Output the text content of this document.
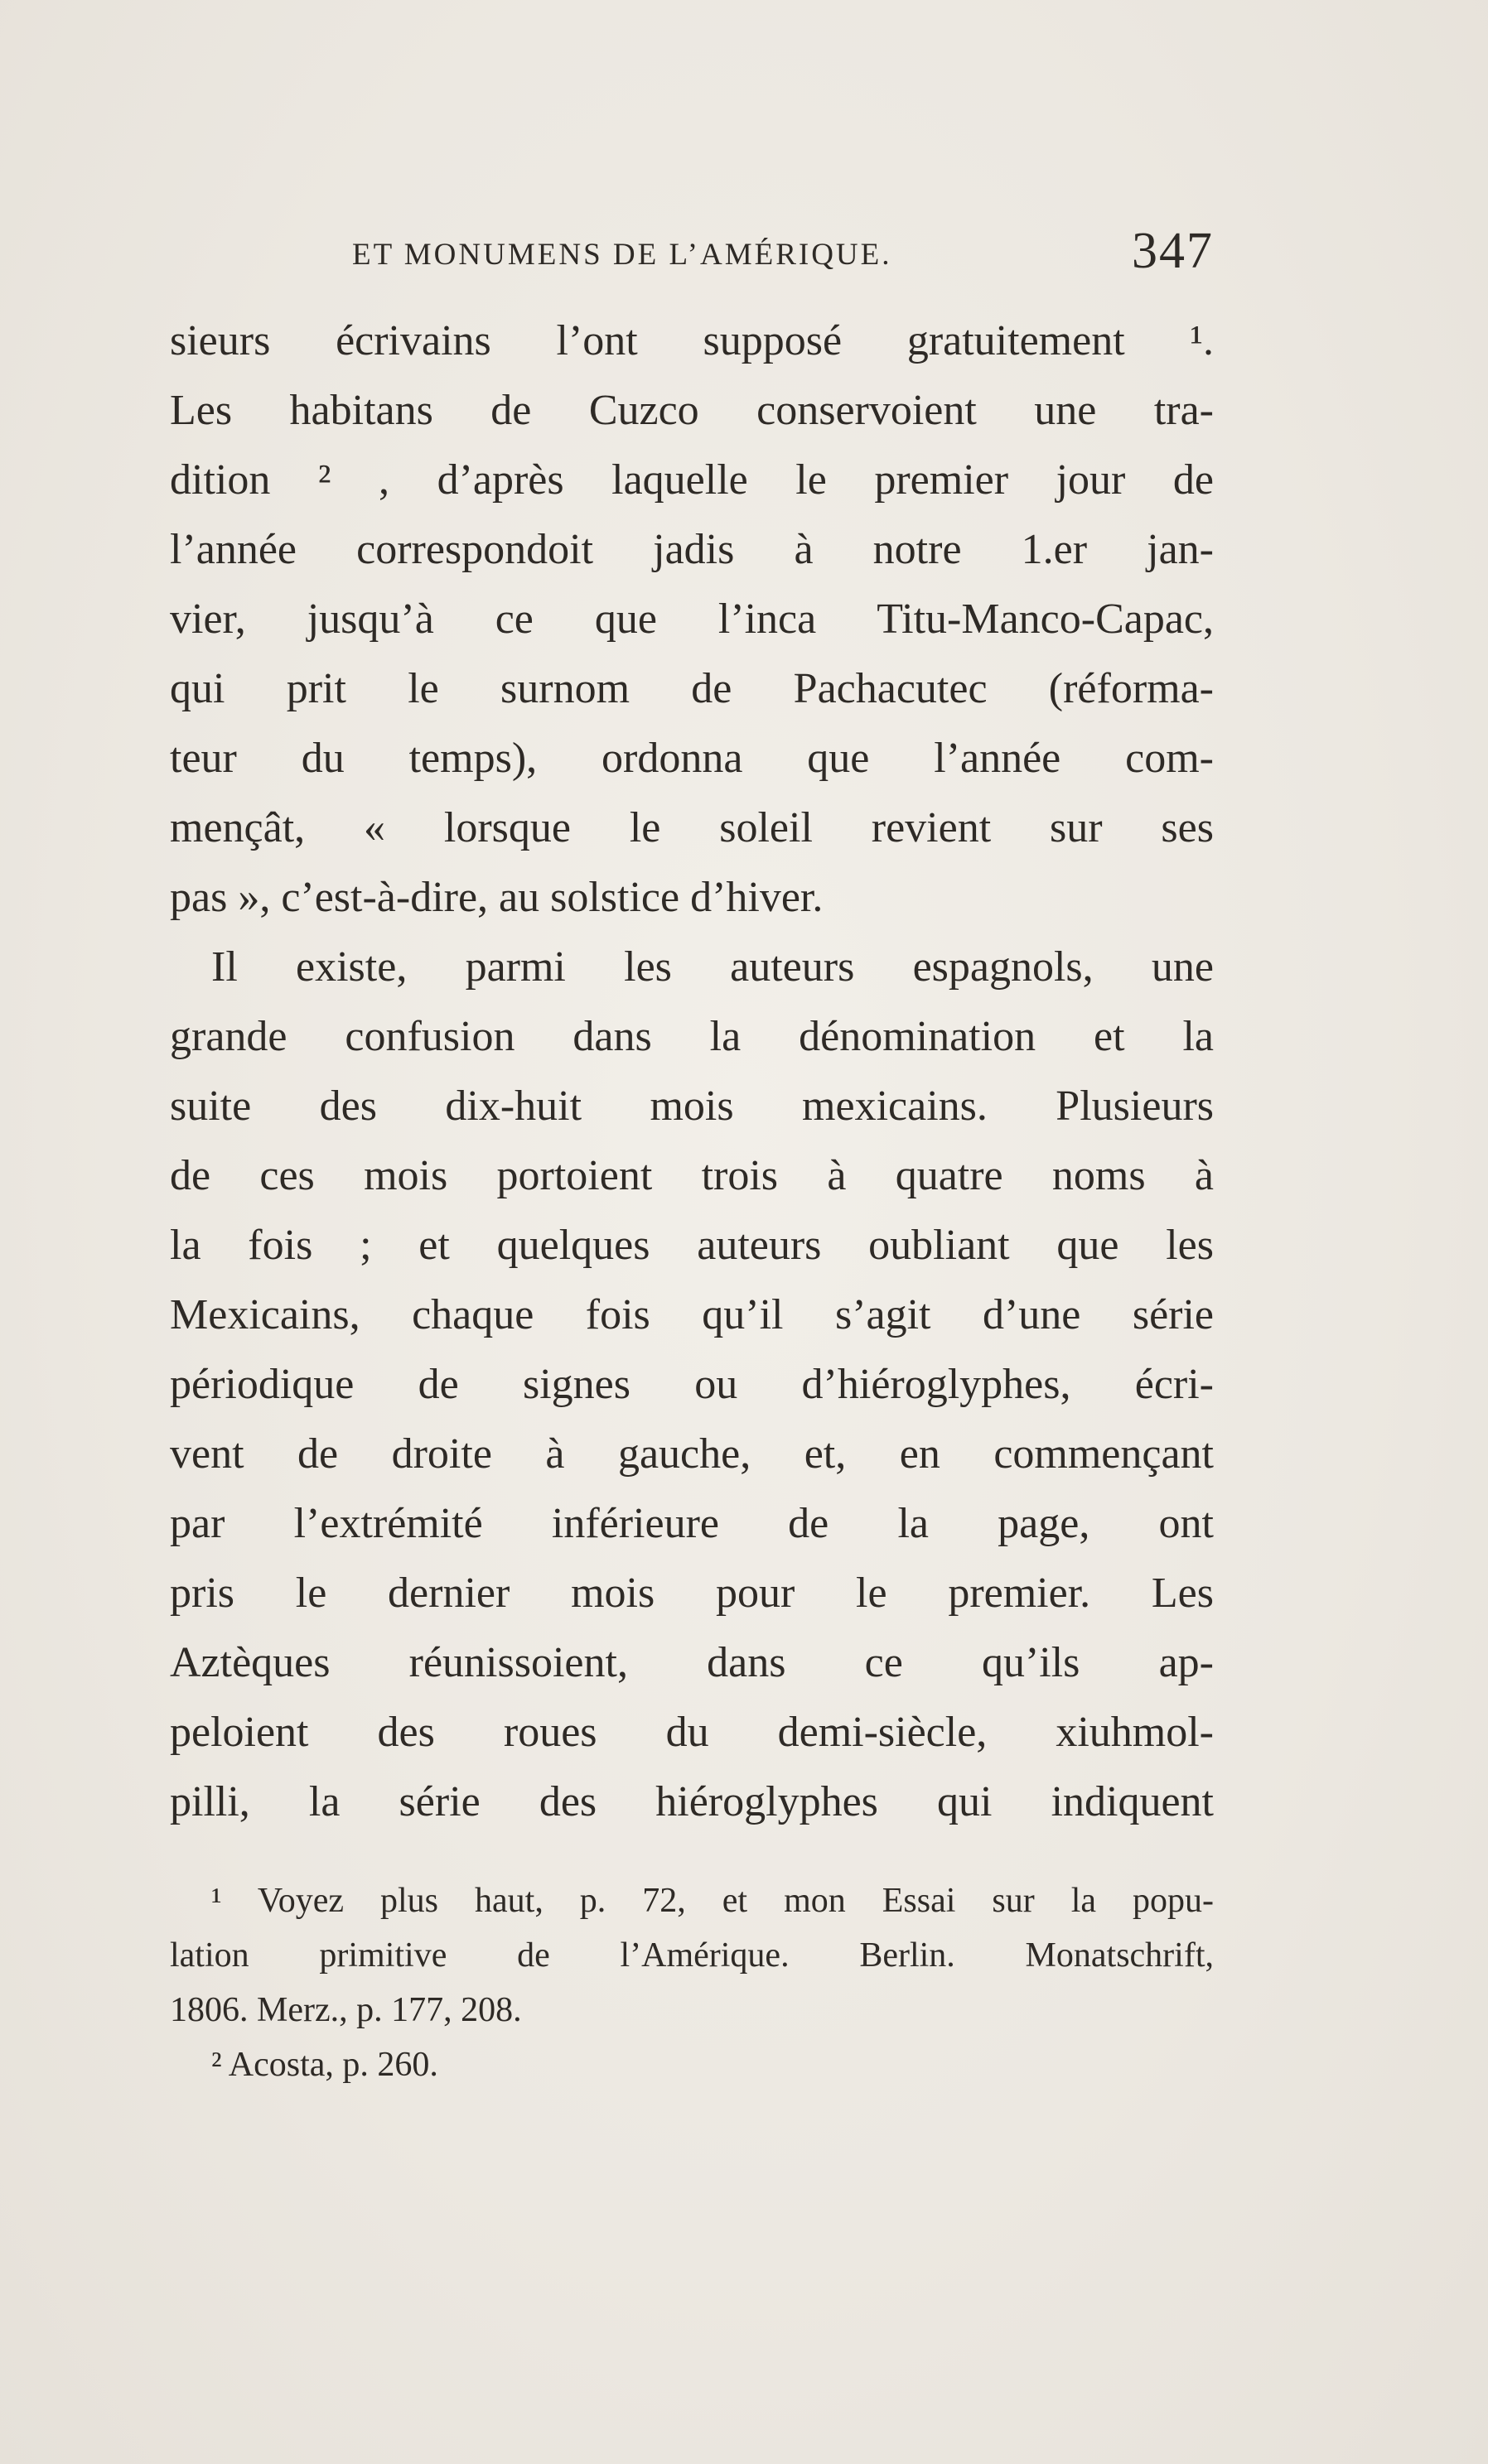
ET MONUMENS DE L’AMÉRIQUE.	347
sieurs écrivains l’ont supposé gratuitement ¹.
Les habitans de Cuzco conservoient une tra-
dition ² , d’après laquelle le premier jour de
l’année correspondoit jadis à notre 1.er jan-
vier, jusqu’à ce que l’inca Titu-Manco-Capac,
qui prit le surnom de Pachacutec (réforma-
teur du temps), ordonna que l’année com-
mençât, « lorsque le soleil revient sur ses
pas », c’est-à-dire, au solstice d’hiver.
Il existe, parmi les auteurs espagnols, une
grande confusion dans la dénomination et la
suite des dix-huit mois mexicains. Plusieurs
de ces mois portoient trois à quatre noms à
la fois ; et quelques auteurs oubliant que les
Mexicains, chaque fois qu’il s’agit d’une série
périodique de signes ou d’hiéroglyphes, écri-
vent de droite à gauche, et, en commençant
par l’extrémité inférieure de la page, ont
pris le dernier mois pour le premier. Les
Aztèques réunissoient, dans ce qu’ils ap-
peloient des roues du demi-siècle, xiuhmol-
pilli, la série des hiéroglyphes qui indiquent
¹ Voyez plus haut, p. 72, et mon Essai sur la popu-
lation primitive de l’Amérique. Berlin. Monatschrift,
1806. Merz., p. 177, 208.
² Acosta, p. 260.
